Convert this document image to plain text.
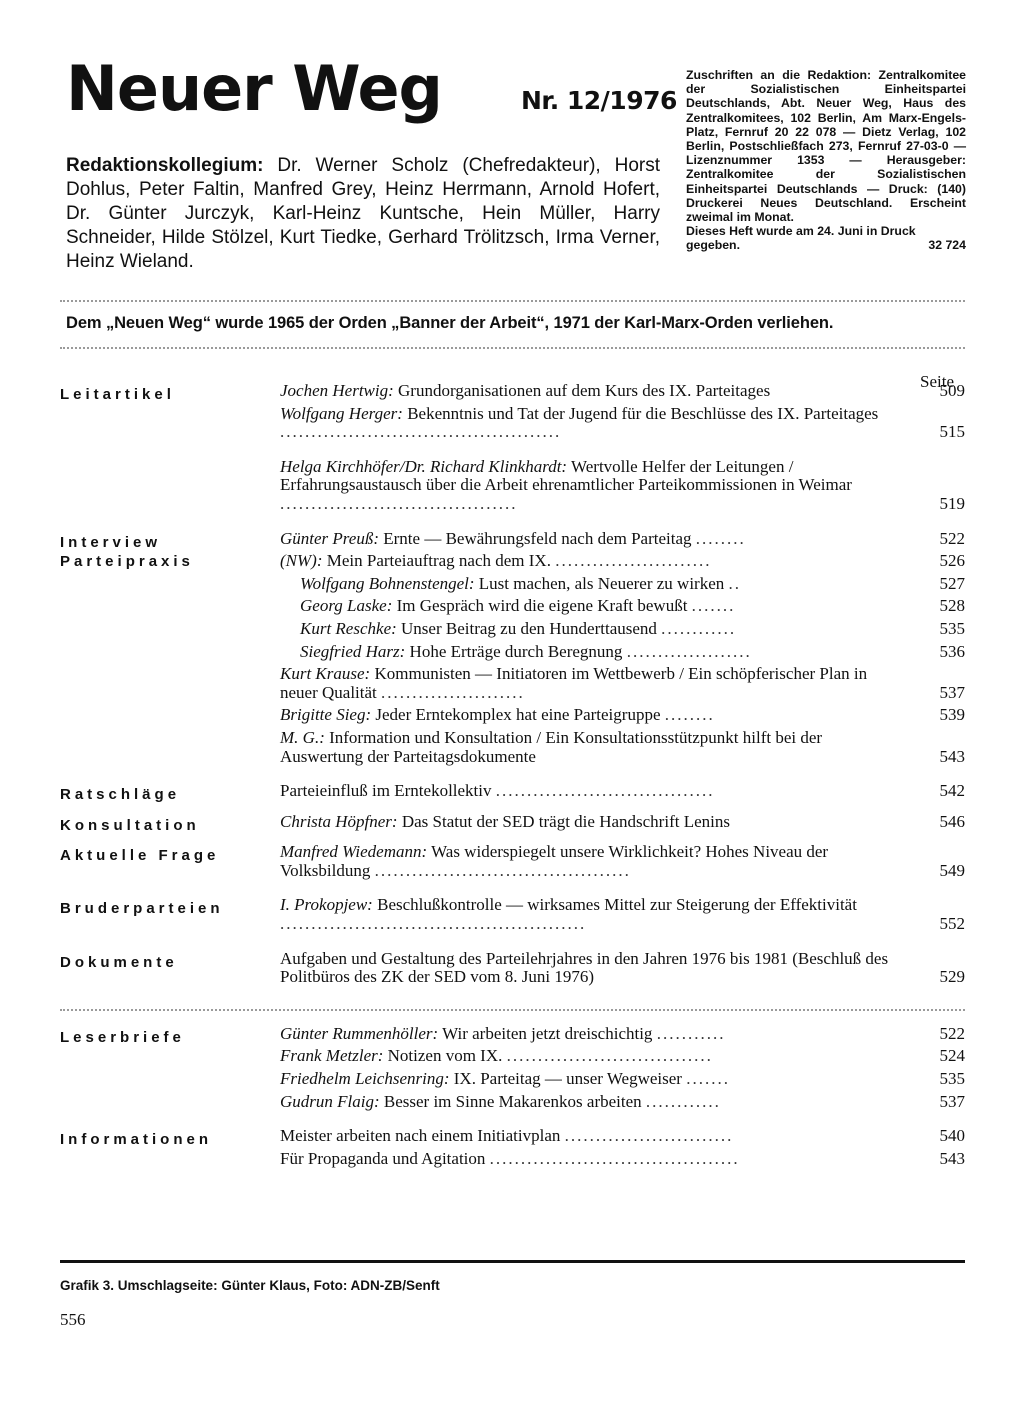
Neuer Weg	Nr. 12/1976
Zuschriften an die Redaktion: Zentralkomitee der Sozialistischen Einheitspartei Deutschlands, Abt. Neuer Weg, Haus des Zentralkomitees, 102 Berlin, Am Marx-Engels-Platz, Fernruf 20 22 078 — Dietz Verlag, 102 Berlin, Postschließfach 273, Fernruf 27-03-0 — Lizenznummer 1353 — Herausgeber: Zentralkomitee der Sozialistischen Einheitspartei Deutschlands — Druck: (140) Druckerei Neues Deutschland. Erscheint zweimal im Monat.
Dieses Heft wurde am 24. Juni in Druck
gegeben.	32 724
Redaktionskollegium: Dr. Werner Scholz (Chefredakteur), Horst Dohlus, Peter Faltin, Manfred Grey, Heinz Herrmann, Arnold Hofert, Dr. Günter Jurczyk, Karl-Heinz Kuntsche, Hein Müller, Harry Schneider, Hilde Stölzel, Kurt Tiedke, Gerhard Trölitzsch, Irma Verner, Heinz Wieland.
Dem „Neuen Weg“ wurde 1965 der Orden „Banner der Arbeit“, 1971 der Karl-Marx-Orden verliehen.
Seite
Leitartikel	Jochen Hertwig: Grundorganisationen auf dem Kurs des IX. Parteitages	509
Wolfgang Herger: Bekenntnis und Tat der Jugend für die Beschlüsse des IX. Parteitages .............................................	515
Helga Kirchhöfer/Dr. Richard Klinkhardt: Wertvolle Helfer der Leitungen / Erfahrungsaustausch über die Arbeit ehrenamtlicher Parteikommissionen in Weimar ......................................	519
Interview
Parteipraxis
Günter Preuß: Ernte — Bewährungsfeld nach dem Parteitag ........	522
(NW): Mein Parteiauftrag nach dem IX. .........................	526
Wolfgang Bohnenstengel: Lust machen, als Neuerer zu wirken ..	527
Georg Laske: Im Gespräch wird die eigene Kraft bewußt .......	528
Kurt Reschke: Unser Beitrag zu den Hunderttausend ............	535
Siegfried Harz: Hohe Erträge durch Beregnung ....................	536
Kurt Krause: Kommunisten — Initiatoren im Wettbewerb / Ein schöpferischer Plan in neuer Qualität .......................	537
Brigitte Sieg: Jeder Erntekomplex hat eine Parteigruppe ........	539
M. G.: Information und Konsultation / Ein Konsultationsstützpunkt hilft bei der Auswertung der Parteitagsdokumente	543
Ratschläge	Parteieinfluß im Erntekollektiv ...................................	542
Konsultation	Christa Höpfner: Das Statut der SED trägt die Handschrift Lenins	546
Aktuelle Frage	Manfred Wiedemann: Was widerspiegelt unsere Wirklichkeit? Hohes Niveau der Volksbildung .........................................	549
Bruderparteien	I. Prokopjew: Beschlußkontrolle — wirksames Mittel zur Steigerung der Effektivität .................................................	552
Dokumente	Aufgaben und Gestaltung des Parteilehrjahres in den Jahren 1976 bis 1981 (Beschluß des Politbüros des ZK der SED vom 8. Juni 1976)	529
Leserbriefe	Günter Rummenhöller: Wir arbeiten jetzt dreischichtig ...........	522
Frank Metzler: Notizen vom IX. .................................	524
Friedhelm Leichsenring: IX. Parteitag — unser Wegweiser .......	535
Gudrun Flaig: Besser im Sinne Makarenkos arbeiten ............	537
Informationen	Meister arbeiten nach einem Initiativplan ...........................	540
Für Propaganda und Agitation ........................................	543
Grafik 3. Umschlagseite: Günter Klaus, Foto: ADN-ZB/Senft
556
